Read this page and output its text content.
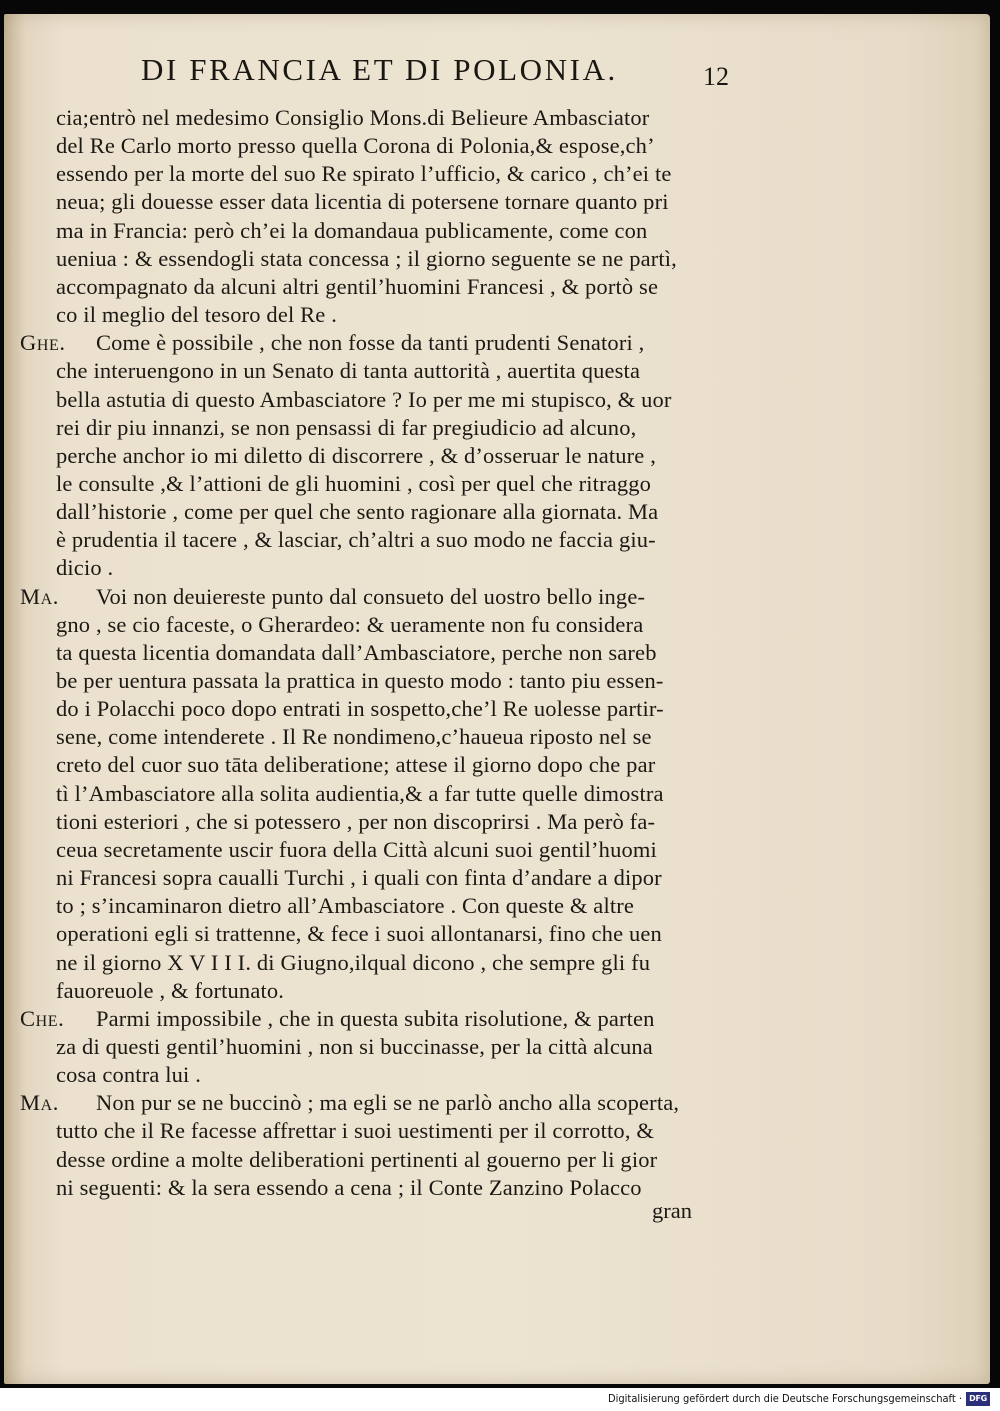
DI FRANCIA ET DI POLONIA.	12
cia;entrò nel medesimo Consiglio Mons.di Belieure Ambasciator
del Re Carlo morto presso quella Corona di Polonia,& espose,ch’
essendo per la morte del suo Re spirato l’ufficio, & carico , ch’ei te
neua; gli douesse esser data licentia di potersene tornare quanto pri
ma in Francia: però ch’ei la domandaua publicamente, come con
ueniua : & essendogli stata concessa ; il giorno seguente se ne partì,
accompagnato da alcuni altri gentil’huomini Francesi , & portò se
co il meglio del tesoro del Re .
Ghe. Come è possibile , che non fosse da tanti prudenti Senatori ,
che interuengono in un Senato di tanta auttorità , auertita questa
bella astutia di questo Ambasciatore ? Io per me mi stupisco, & uor
rei dir piu innanzi, se non pensassi di far pregiudicio ad alcuno,
perche anchor io mi diletto di discorrere , & d’osseruar le nature ,
le consulte ,& l’attioni de gli huomini , così per quel che ritraggo
dall’historie , come per quel che sento ragionare alla giornata. Ma
è prudentia il tacere , & lasciar, ch’altri a suo modo ne faccia giu-
dicio .
Ma. Voi non deuiereste punto dal consueto del uostro bello inge-
gno , se cio faceste, o Gherardeo: & ueramente non fu considera
ta questa licentia domandata dall’Ambasciatore, perche non sareb
be per uentura passata la prattica in questo modo : tanto piu essen-
do i Polacchi poco dopo entrati in sospetto,che’l Re uolesse partir-
sene, come intenderete . Il Re nondimeno,c’haueua riposto nel se
creto del cuor suo tāta deliberatione; attese il giorno dopo che par
tì l’Ambasciatore alla solita audientia,& a far tutte quelle dimostra
tioni esteriori , che si potessero , per non discoprirsi . Ma però fa-
ceua secretamente uscir fuora della Città alcuni suoi gentil’huomi
ni Francesi sopra caualli Turchi , i quali con finta d’andare a dipor
to ; s’incaminaron dietro all’Ambasciatore . Con queste & altre
operationi egli si trattenne, & fece i suoi allontanarsi, fino che uen
ne il giorno X V I I I. di Giugno,ilqual dicono , che sempre gli fu
fauoreuole , & fortunato.
Che. Parmi impossibile , che in questa subita risolutione, & parten
za di questi gentil’huomini , non si buccinasse, per la città alcuna
cosa contra lui .
Ma. Non pur se ne buccinò ; ma egli se ne parlò ancho alla scoperta,
tutto che il Re facesse affrettar i suoi uestimenti per il corrotto, &
desse ordine a molte deliberationi pertinenti al gouerno per li gior
ni seguenti: & la sera essendo a cena ; il Conte Zanzino Polacco
gran
Digitalisierung gefördert durch die Deutsche Forschungsgemeinschaft · DFG
